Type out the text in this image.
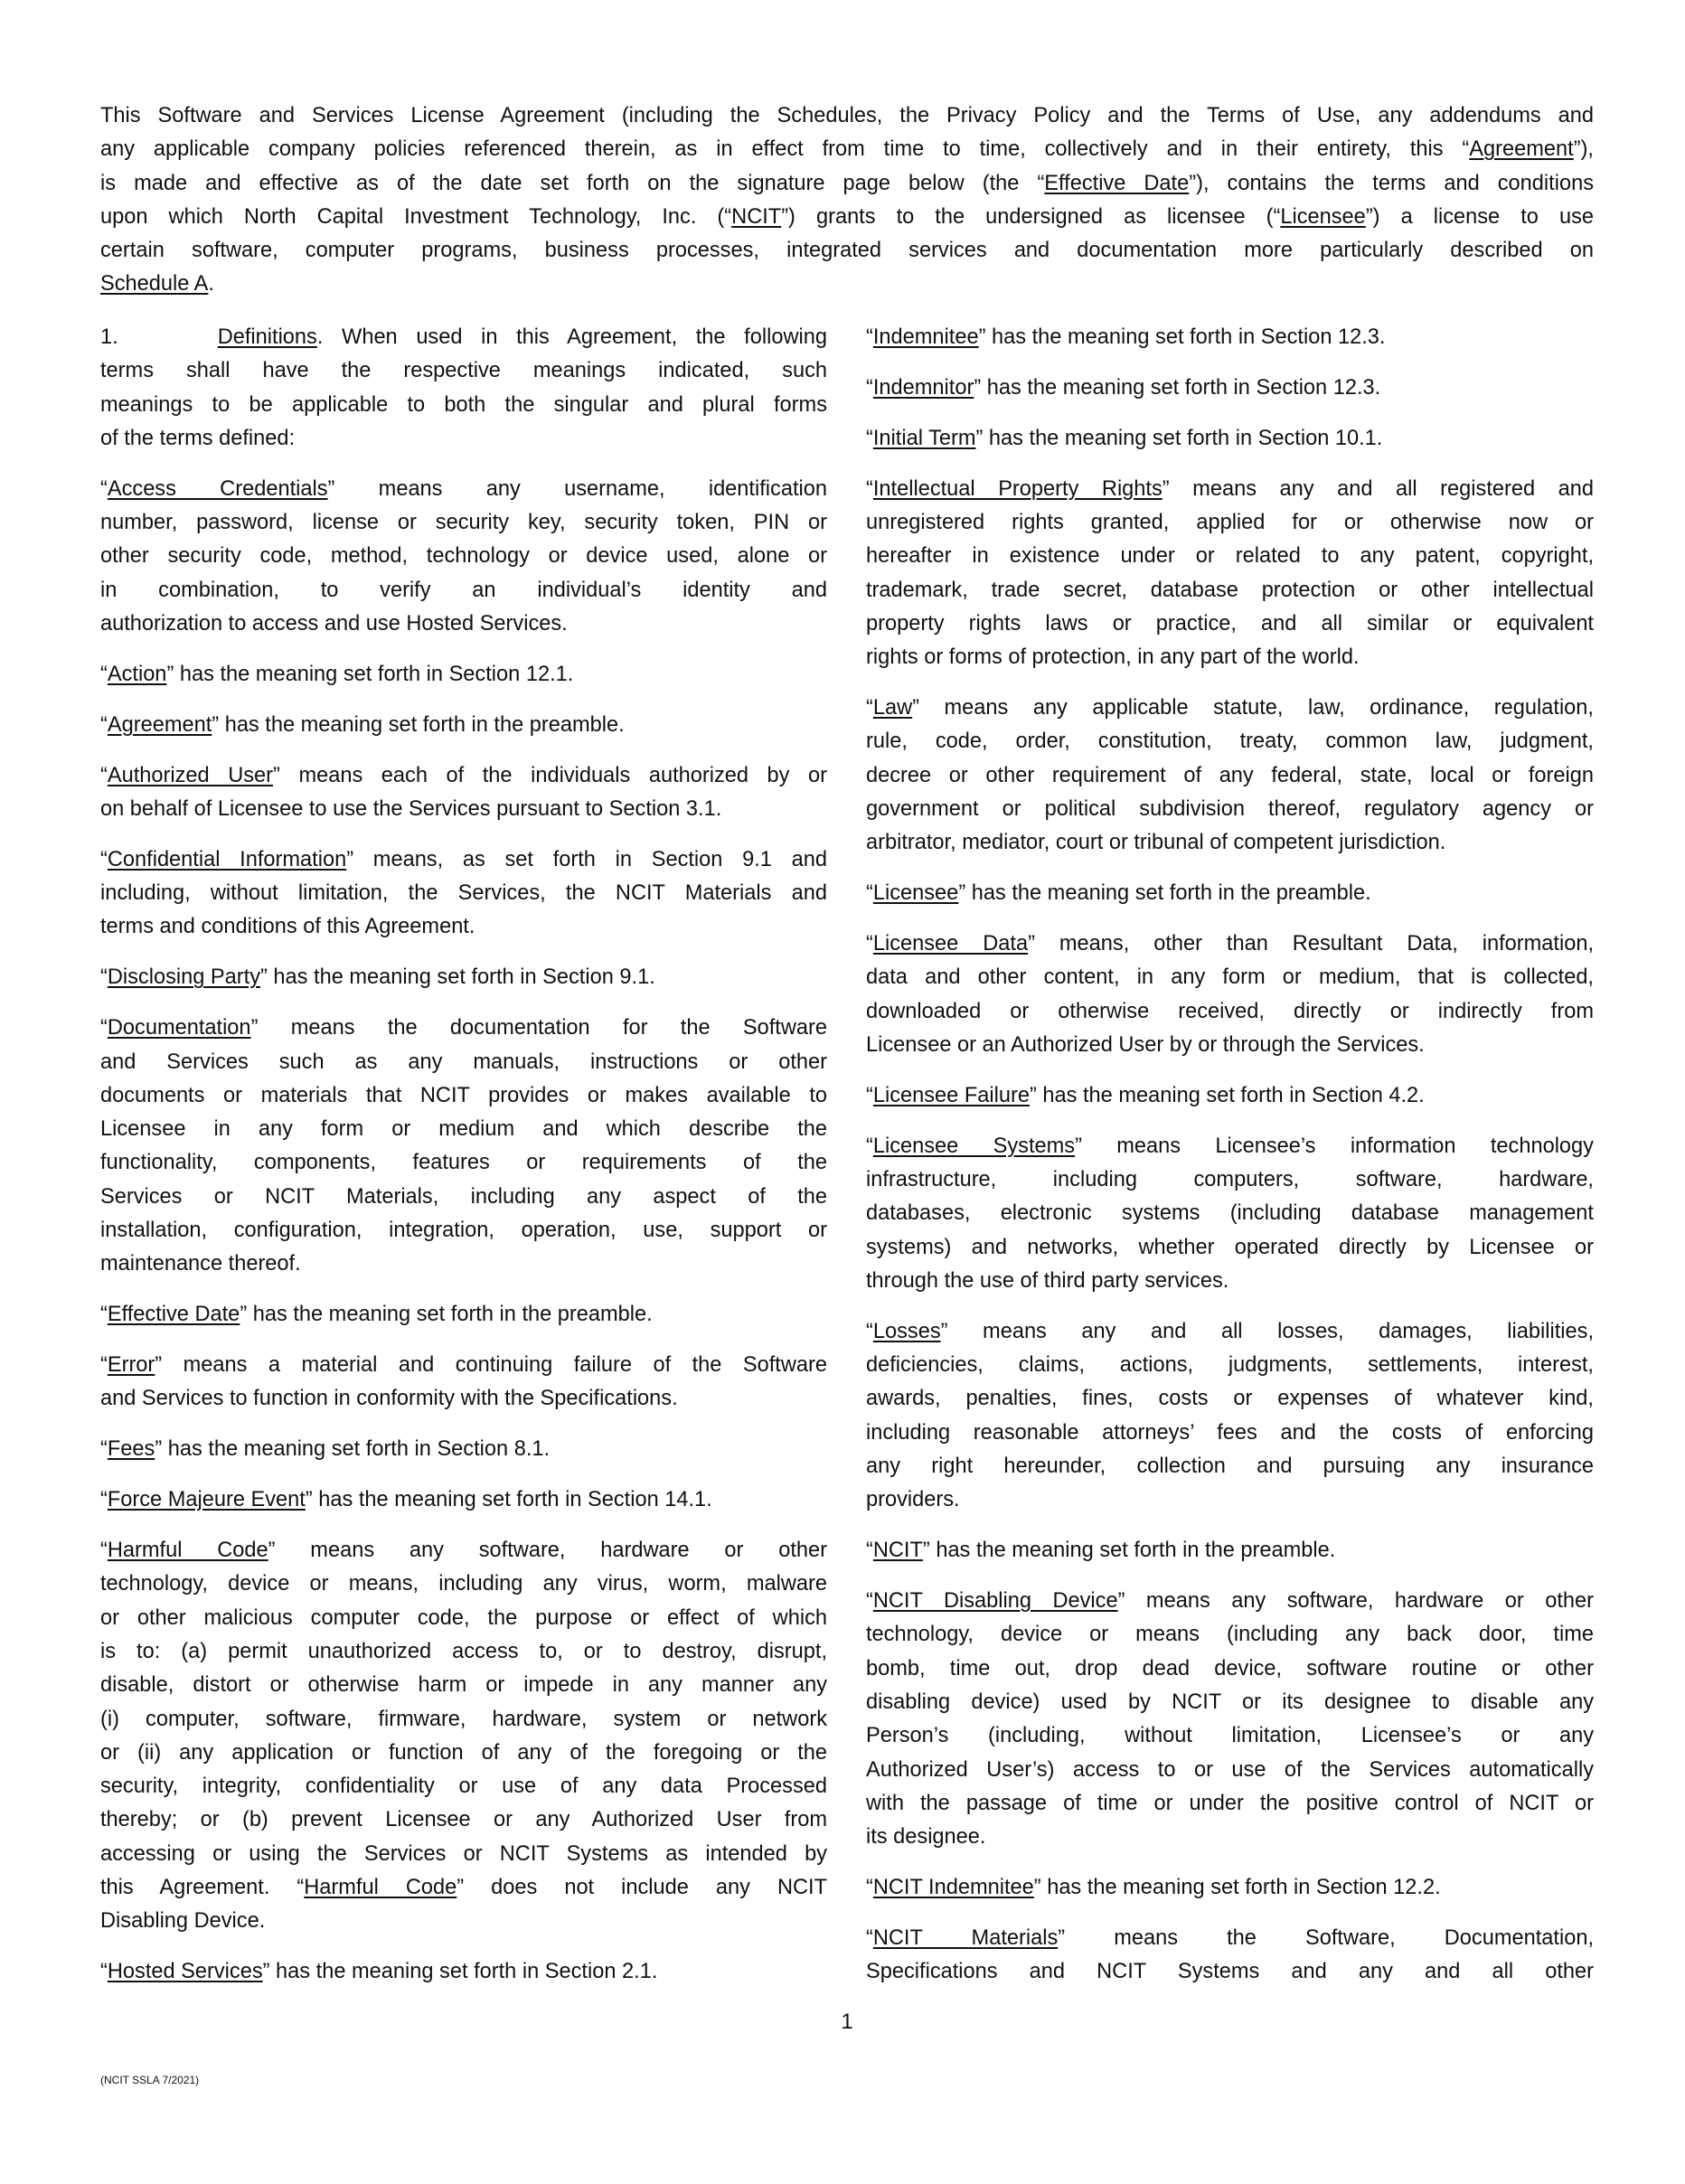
This Software and Services License Agreement (including the Schedules, the Privacy Policy and the Terms of Use, any addendums and
any applicable company policies referenced therein, as in effect from time to time, collectively and in their entirety, this “Agreement”),
is made and effective as of the date set forth on the signature page below (the “Effective Date”), contains the terms and conditions
upon which North Capital Investment Technology, Inc. (“NCIT”) grants to the undersigned as licensee (“Licensee”) a license to use
certain software, computer programs, business processes, integrated services and documentation more particularly described on
Schedule A.
1.	Definitions. When used in this Agreement, the following
terms shall have the respective meanings indicated, such
meanings to be applicable to both the singular and plural forms
of the terms defined:
“Access Credentials” means any username, identification
number, password, license or security key, security token, PIN or
other security code, method, technology or device used, alone or
in combination, to verify an individual’s identity and
authorization to access and use Hosted Services.
“Action” has the meaning set forth in Section 12.1.
“Agreement” has the meaning set forth in the preamble.
“Authorized User” means each of the individuals authorized by or
on behalf of Licensee to use the Services pursuant to Section 3.1.
“Confidential Information” means, as set forth in Section 9.1 and
including, without limitation, the Services, the NCIT Materials and
terms and conditions of this Agreement.
“Disclosing Party” has the meaning set forth in Section 9.1.
“Documentation” means the documentation for the Software
and Services such as any manuals, instructions or other
documents or materials that NCIT provides or makes available to
Licensee in any form or medium and which describe the
functionality, components, features or requirements of the
Services or NCIT Materials, including any aspect of the
installation, configuration, integration, operation, use, support or
maintenance thereof.
“Effective Date” has the meaning set forth in the preamble.
“Error” means a material and continuing failure of the Software
and Services to function in conformity with the Specifications.
“Fees” has the meaning set forth in Section 8.1.
“Force Majeure Event” has the meaning set forth in Section 14.1.
“Harmful Code” means any software, hardware or other
technology, device or means, including any virus, worm, malware
or other malicious computer code, the purpose or effect of which
is to: (a) permit unauthorized access to, or to destroy, disrupt,
disable, distort or otherwise harm or impede in any manner any
(i) computer, software, firmware, hardware, system or network
or (ii) any application or function of any of the foregoing or the
security, integrity, confidentiality or use of any data Processed
thereby; or (b) prevent Licensee or any Authorized User from
accessing or using the Services or NCIT Systems as intended by
this Agreement. “Harmful Code” does not include any NCIT
Disabling Device.
“Hosted Services” has the meaning set forth in Section 2.1.
“Indemnitee” has the meaning set forth in Section 12.3.
“Indemnitor” has the meaning set forth in Section 12.3.
“Initial Term” has the meaning set forth in Section 10.1.
“Intellectual Property Rights” means any and all registered and
unregistered rights granted, applied for or otherwise now or
hereafter in existence under or related to any patent, copyright,
trademark, trade secret, database protection or other intellectual
property rights laws or practice, and all similar or equivalent
rights or forms of protection, in any part of the world.
“Law” means any applicable statute, law, ordinance, regulation,
rule, code, order, constitution, treaty, common law, judgment,
decree or other requirement of any federal, state, local or foreign
government or political subdivision thereof, regulatory agency or
arbitrator, mediator, court or tribunal of competent jurisdiction.
“Licensee” has the meaning set forth in the preamble.
“Licensee Data” means, other than Resultant Data, information,
data and other content, in any form or medium, that is collected,
downloaded or otherwise received, directly or indirectly from
Licensee or an Authorized User by or through the Services.
“Licensee Failure” has the meaning set forth in Section 4.2.
“Licensee Systems” means Licensee’s information technology
infrastructure, including computers, software, hardware,
databases, electronic systems (including database management
systems) and networks, whether operated directly by Licensee or
through the use of third party services.
“Losses” means any and all losses, damages, liabilities,
deficiencies, claims, actions, judgments, settlements, interest,
awards, penalties, fines, costs or expenses of whatever kind,
including reasonable attorneys’ fees and the costs of enforcing
any right hereunder, collection and pursuing any insurance
providers.
“NCIT” has the meaning set forth in the preamble.
“NCIT Disabling Device” means any software, hardware or other
technology, device or means (including any back door, time
bomb, time out, drop dead device, software routine or other
disabling device) used by NCIT or its designee to disable any
Person’s (including, without limitation, Licensee’s or any
Authorized User’s) access to or use of the Services automatically
with the passage of time or under the positive control of NCIT or
its designee.
“NCIT Indemnitee” has the meaning set forth in Section 12.2.
“NCIT Materials” means the Software, Documentation,
Specifications and NCIT Systems and any and all other
1
(NCIT SSLA 7/2021)
